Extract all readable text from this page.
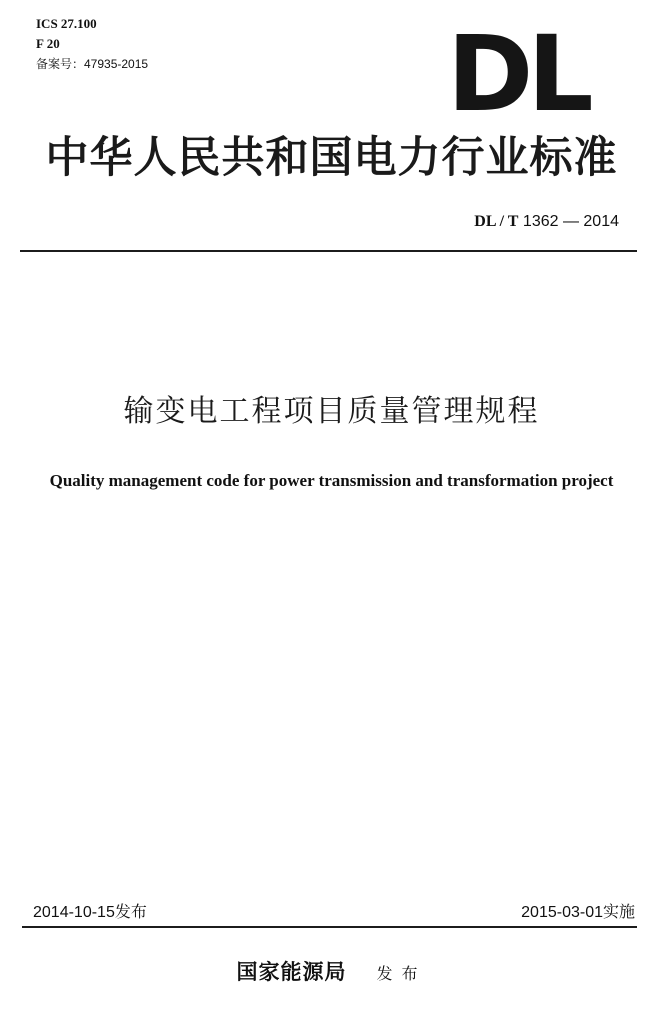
ICS 27.100
F 20
备案号：47935-2015	DL
中华人民共和国电力行业标准
DL / T 1362 — 2014
输变电工程项目质量管理规程
Quality management code for power transmission and transformation project
2014-10-15发布	2015-03-01实施
国家能源局 发布
